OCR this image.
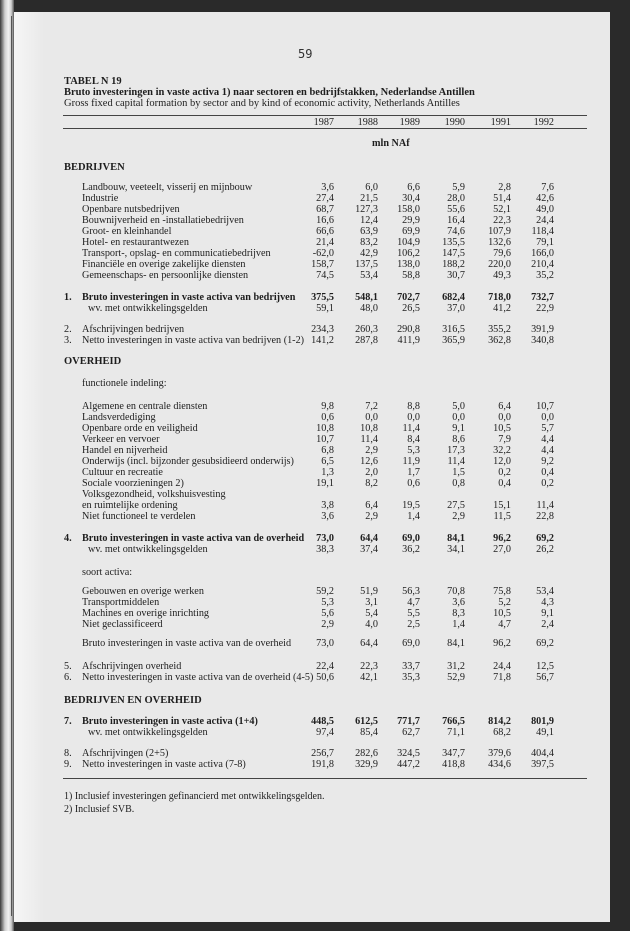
59
TABEL N 19
Bruto investeringen in vaste activa 1) naar sectoren en bedrijfstakken, Nederlandse Antillen
Gross fixed capital formation by sector and by kind of economic activity, Netherlands Antilles
1987	1988	1989	1990	1991	1992
mln NAf
BEDRIJVEN
OVERHEID
functionele indeling:
soort activa:
BEDRIJVEN EN OVERHEID
Landbouw, veeteelt, visserij en mijnbouw	3,6	6,0	6,6	5,9	2,8	7,6
Industrie	27,4	21,5	30,4	28,0	51,4	42,6
Openbare nutsbedrijven	68,7	127,3	158,0	55,6	52,1	49,0
Bouwnijverheid en -installatiebedrijven	16,6	12,4	29,9	16,4	22,3	24,4
Groot- en kleinhandel	66,6	63,9	69,9	74,6	107,9	118,4
Hotel- en restaurantwezen	21,4	83,2	104,9	135,5	132,6	79,1
Transport-, opslag- en communicatiebedrijven	-62,0	42,9	106,2	147,5	79,6	166,0
Financiële en overige zakelijke diensten	158,7	137,5	138,0	188,2	220,0	210,4
Gemeenschaps- en persoonlijke diensten	74,5	53,4	58,8	30,7	49,3	35,2
1. Bruto investeringen in vaste activa van bedrijven	375,5	548,1	702,7	682,4	718,0	732,7
wv. met ontwikkelingsgelden	59,1	48,0	26,5	37,0	41,2	22,9
2. Afschrijvingen bedrijven	234,3	260,3	290,8	316,5	355,2	391,9
3. Netto investeringen in vaste activa van bedrijven (1-2) 141,2	287,8	411,9	365,9	362,8	340,8
Algemene en centrale diensten	9,8	7,2	8,8	5,0	6,4	10,7
Landsverdediging	0,6	0,0	0,0	0,0	0,0	0,0
Openbare orde en veiligheid	10,8	10,8	11,4	9,1	10,5	5,7
Verkeer en vervoer	10,7	11,4	8,4	8,6	7,9	4,4
Handel en nijverheid	6,8	2,9	5,3	17,3	32,2	4,4
Onderwijs (incl. bijzonder gesubsidieerd onderwijs)	6,5	12,6	11,9	11,4	12,0	9,2
Cultuur en recreatie	1,3	2,0	1,7	1,5	0,2	0,4
Sociale voorzieningen 2)	19,1	8,2	0,6	0,8	0,4	0,2
Volksgezondheid, volkshuisvesting
en ruimtelijke ordening	3,8	6,4	19,5	27,5	15,1	11,4
Niet functioneel te verdelen	3,6	2,9	1,4	2,9	11,5	22,8
4. Bruto investeringen in vaste activa van de overheid	73,0	64,4	69,0	84,1	96,2	69,2
wv. met ontwikkelingsgelden	38,3	37,4	36,2	34,1	27,0	26,2
Gebouwen en overige werken	59,2	51,9	56,3	70,8	75,8	53,4
Transportmiddelen	5,3	3,1	4,7	3,6	5,2	4,3
Machines en overige inrichting	5,6	5,4	5,5	8,3	10,5	9,1
Niet geclassificeerd	2,9	4,0	2,5	1,4	4,7	2,4
Bruto investeringen in vaste activa van de overheid	73,0	64,4	69,0	84,1	96,2	69,2
5. Afschrijvingen overheid	22,4	22,3	33,7	31,2	24,4	12,5
6. Netto investeringen in vaste activa van de overheid (4-5) 50,6	42,1	35,3	52,9	71,8	56,7
7. Bruto investeringen in vaste activa (1+4)	448,5	612,5	771,7	766,5	814,2	801,9
wv. met ontwikkelingsgelden	97,4	85,4	62,7	71,1	68,2	49,1
8. Afschrijvingen (2+5)	256,7	282,6	324,5	347,7	379,6	404,4
9. Netto investeringen in vaste activa (7-8)	191,8	329,9	447,2	418,8	434,6	397,5
1) Inclusief investeringen gefinancierd met ontwikkelingsgelden.
2) Inclusief SVB.
